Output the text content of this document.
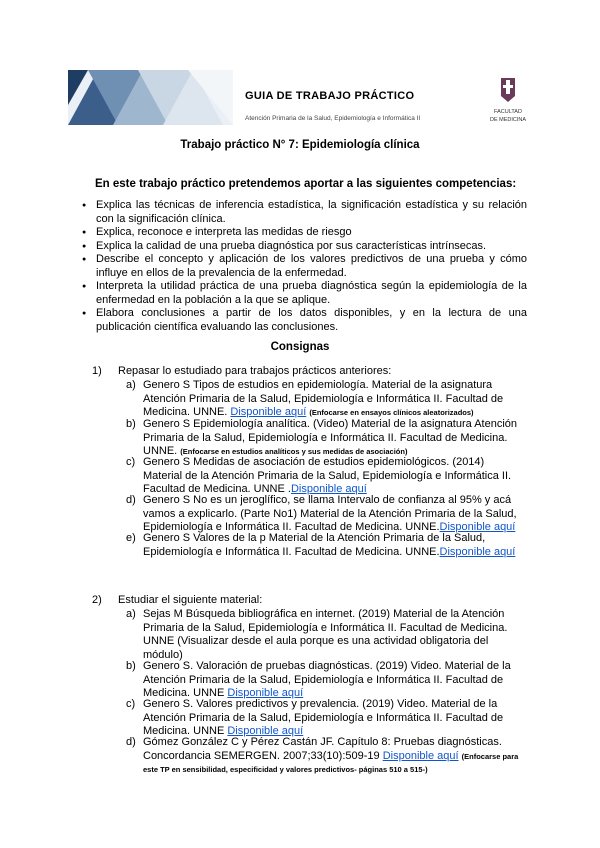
GUIA DE TRABAJO PRÁCTICO
Atención Primaria de la Salud, Epidemiología e Informática II
FACULTAD
DE MEDICINA
Trabajo práctico N° 7: Epidemiología clínica
En este trabajo práctico pretendemos aportar a las siguientes competencias:
● Explica las técnicas de inferencia estadística, la significación estadística y su relación con la significación clínica.
● Explica, reconoce e interpreta las medidas de riesgo
● Explica la calidad de una prueba diagnóstica por sus características intrínsecas.
● Describe el concepto y aplicación de los valores predictivos de una prueba y cómo influye en ellos de la prevalencia de la enfermedad.
● Interpreta la utilidad práctica de una prueba diagnóstica según la epidemiología de la enfermedad en la población a la que se aplique.
● Elabora conclusiones a partir de los datos disponibles, y en la lectura de una publicación científica evaluando las conclusiones.
Consignas
1) Repasar lo estudiado para trabajos prácticos anteriores:
a) Genero S Tipos de estudios en epidemiología. Material de la asignatura Atención Primaria de la Salud, Epidemiología e Informática II. Facultad de Medicina. UNNE. Disponible aquí (Enfocarse en ensayos clínicos aleatorizados)
b) Genero S Epidemiología analítica. (Video) Material de la asignatura Atención Primaria de la Salud, Epidemiología e Informática II. Facultad de Medicina. UNNE. (Enfocarse en estudios analíticos y sus medidas de asociación)
c) Genero S Medidas de asociación de estudios epidemiológicos. (2014) Material de la Atención Primaria de la Salud, Epidemiología e Informática II. Facultad de Medicina. UNNE .Disponible aquí
d) Genero S No es un jeroglífico, se llama Intervalo de confianza al 95% y acá vamos a explicarlo. (Parte No1) Material de la Atención Primaria de la Salud, Epidemiología e Informática II. Facultad de Medicina. UNNE.Disponible aquí
e) Genero S Valores de la p Material de la Atención Primaria de la Salud, Epidemiología e Informática II. Facultad de Medicina. UNNE.Disponible aquí
2) Estudiar el siguiente material:
a) Sejas M Búsqueda bibliográfica en internet. (2019) Material de la Atención Primaria de la Salud, Epidemiología e Informática II. Facultad de Medicina. UNNE (Visualizar desde el aula porque es una actividad obligatoria del módulo)
b) Genero S. Valoración de pruebas diagnósticas. (2019) Video. Material de la Atención Primaria de la Salud, Epidemiología e Informática II. Facultad de Medicina. UNNE Disponible aquí
c) Genero S. Valores predictivos y prevalencia. (2019) Video. Material de la Atención Primaria de la Salud, Epidemiología e Informática II. Facultad de Medicina. UNNE Disponible aquí
d) Gómez González C y Pérez Castán JF. Capítulo 8: Pruebas diagnósticas. Concordancia SEMERGEN. 2007;33(10):509-19 Disponible aquí (Enfocarse para este TP en sensibilidad, especificidad y valores predictivos- páginas 510 a 515-)
